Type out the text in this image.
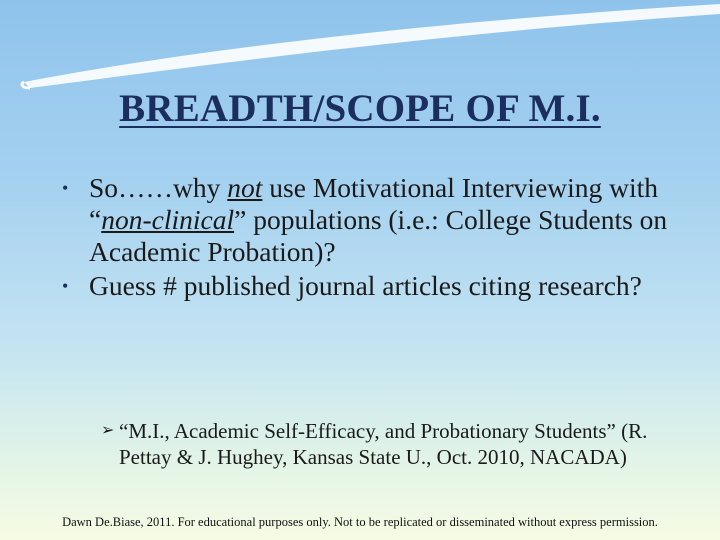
BREADTH/SCOPE OF M.I.
• So……why not use Motivational Interviewing with “non-clinical” populations (i.e.: College Students on Academic Probation)?
• Guess # published journal articles citing research?
➢ “M.I., Academic Self-Efficacy, and Probationary Students” (R. Pettay & J. Hughey, Kansas State U., Oct. 2010, NACADA)
Dawn De.Biase, 2011. For educational purposes only. Not to be replicated or disseminated without express permission.
